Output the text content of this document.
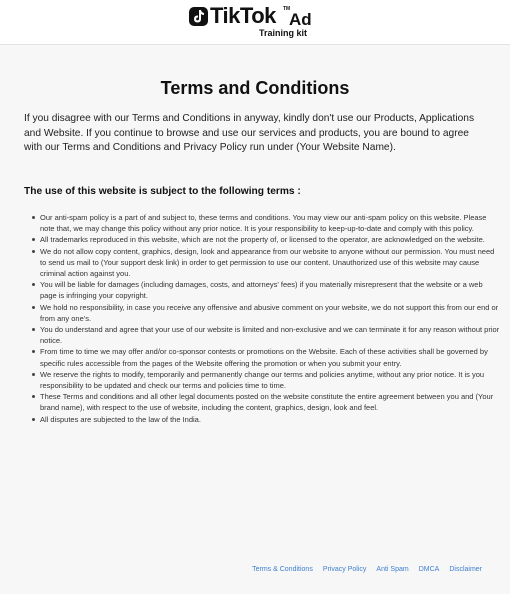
TikTok TM
Ad
Training kit
Terms and Conditions

If you disagree with our Terms and Conditions in anyway, kindly don't use our Products, Applications and Website. If you continue to browse and use our services and products, you are bound to agree with our Terms and Conditions and Privacy Policy run under (Your Website Name).

The use of this website is subject to the following terms :

Our anti-spam policy is a part of and subject to, these terms and conditions. You may view our anti-spam policy on this website. Please note that, we may change this policy without any prior notice. It is your responsibility to keep-up-to-date and comply with this policy.
All trademarks reproduced in this website, which are not the property of, or licensed to the operator, are acknowledged on the website.
We do not allow copy content, graphics, design, look and appearance from our website to anyone without our permission. You must need to send us mail to (Your support desk link) in order to get permission to use our content. Unauthorized use of this website may cause criminal action against you.
You will be liable for damages (including damages, costs, and attorneys' fees) if you materially misrepresent that the website or a web page is infringing your copyright.
We hold no responsibility, in case you receive any offensive and abusive comment on your website, we do not support this from our end or from any one's.
You do understand and agree that your use of our website is limited and non-exclusive and we can terminate it for any reason without prior notice.
From time to time we may offer and/or co-sponsor contests or promotions on the Website. Each of these activities shall be governed by specific rules accessible from the pages of the Website offering the promotion or when you submit your entry.
We reserve the rights to modify, temporarily and permanently change our terms and policies anytime, without any prior notice. It is you responsibility to be updated and check our terms and policies time to time.
These Terms and conditions and all other legal documents posted on the website constitute the entire agreement between you and (Your brand name), with respect to the use of website, including the content, graphics, design, look and feel.
All disputes are subjected to the law of the India.
Terms & Conditions Privacy Policy Anti Spam DMCA Disclaimer
